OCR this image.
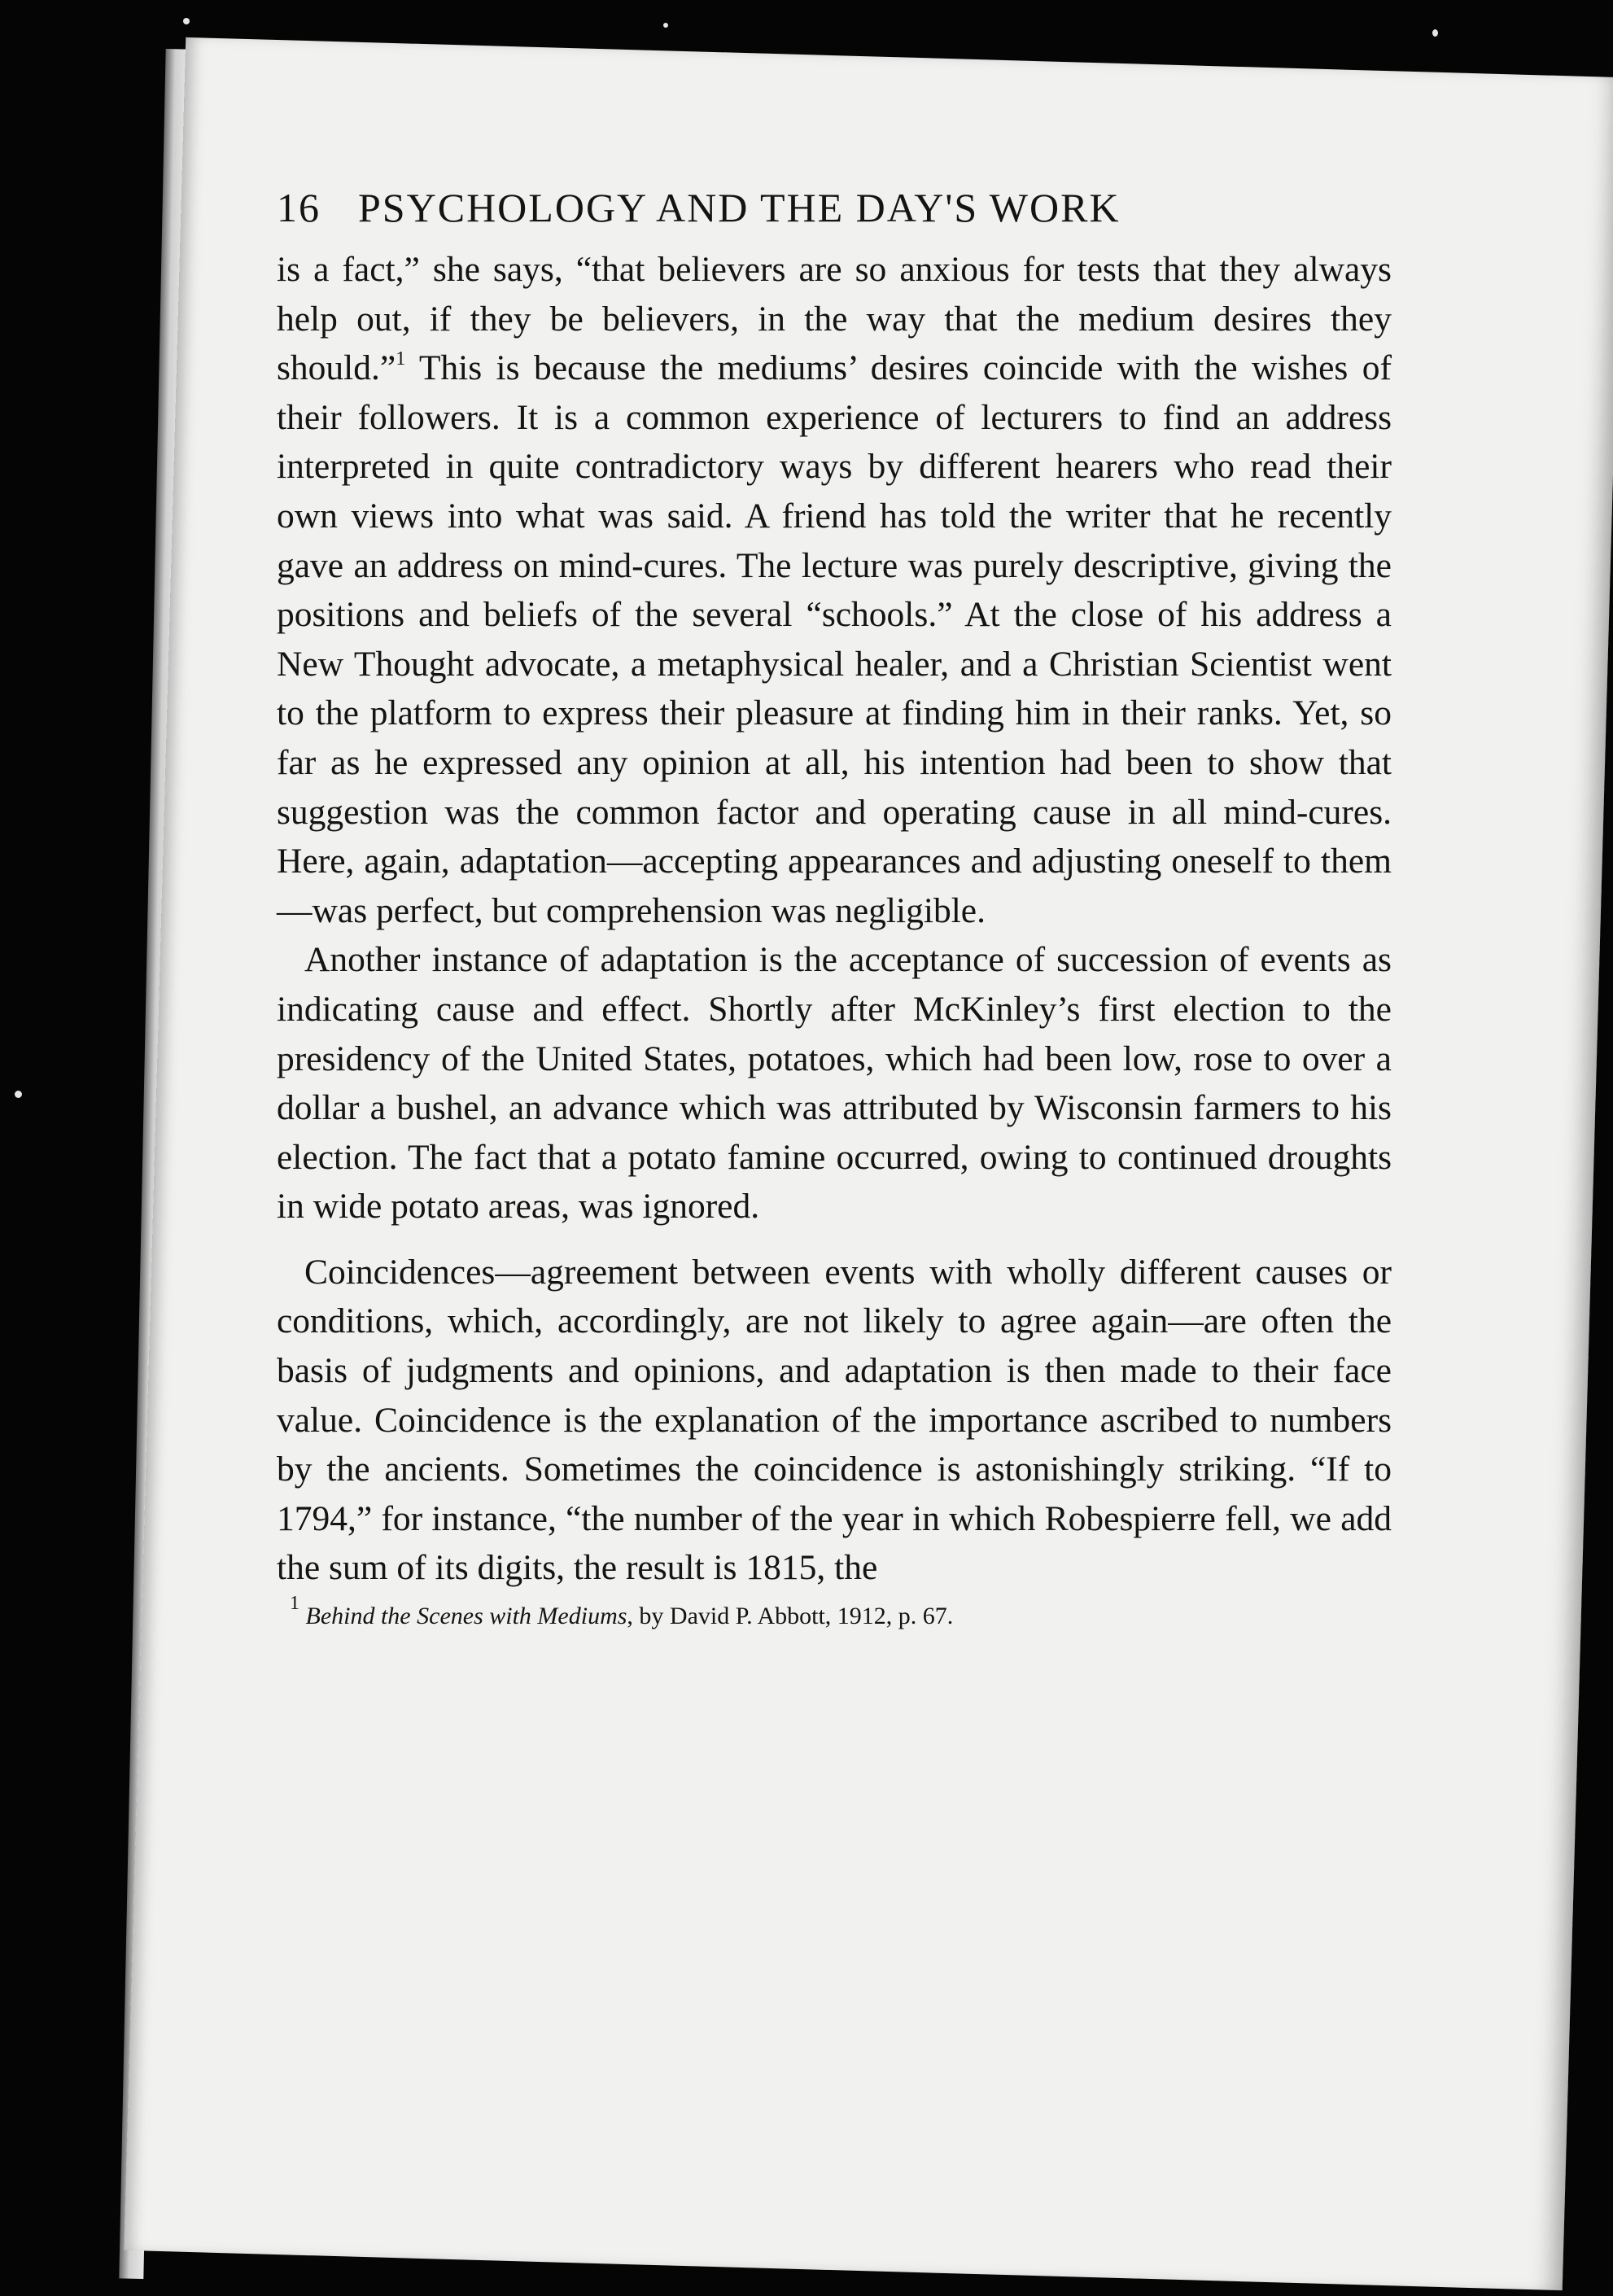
16 PSYCHOLOGY AND THE DAY'S WORK

is a fact,” she says, “that believers are so anxious for tests that they always help out, if they be believers, in the way that the medium desires they should.”$^1$ This is because the mediums’ desires coincide with the wishes of their followers. It is a common experience of lecturers to find an address interpreted in quite contradictory ways by different hearers who read their own views into what was said. A friend has told the writer that he recently gave an address on mind-cures. The lecture was purely descriptive, giving the positions and beliefs of the several “schools.” At the close of his address a New Thought advocate, a metaphysical healer, and a Christian Scientist went to the platform to express their pleasure at finding him in their ranks. Yet, so far as he expressed any opinion at all, his intention had been to show that suggestion was the common factor and operating cause in all mind-cures. Here, again, adaptation—accepting appearances and adjusting oneself to them—was perfect, but comprehension was negligible.

Another instance of adaptation is the acceptance of succession of events as indicating cause and effect. Shortly after McKinley’s first election to the presidency of the United States, potatoes, which had been low, rose to over a dollar a bushel, an advance which was attributed by Wisconsin farmers to his election. The fact that a potato famine occurred, owing to continued droughts in wide potato areas, was ignored.

Coincidences—agreement between events with wholly different causes or conditions, which, accordingly, are not likely to agree again—are often the basis of judgments and opinions, and adaptation is then made to their face value. Coincidence is the explanation of the importance ascribed to numbers by the ancients. Sometimes the coincidence is astonishingly striking. “If to 1794,” for instance, “the number of the year in which Robespierre fell, we add the sum of its digits, the result is 1815, the

$^1$ Behind the Scenes with Mediums, by David P. Abbott, 1912, p. 67.
